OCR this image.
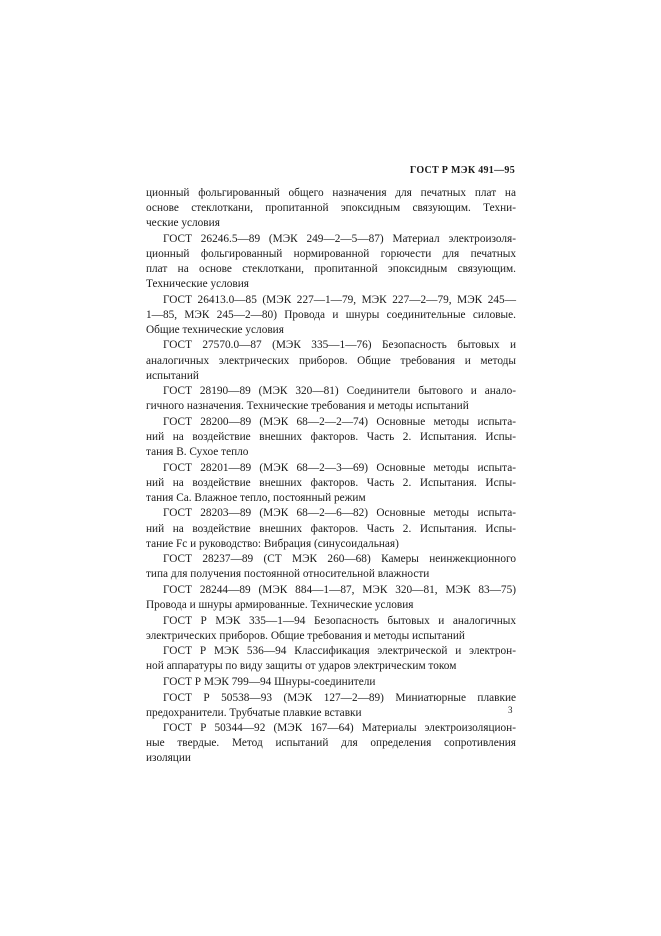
ГОСТ Р МЭК 491—95
ционный фольгированный общего назначения для печатных плат на
основе стеклоткани, пропитанной эпоксидным связующим. Техни-
ческие условия
ГОСТ 26246.5—89 (МЭК 249—2—5—87) Материал электроизоля-
ционный фольгированный нормированной горючести для печатных
плат на основе стеклоткани, пропитанной эпоксидным связующим.
Технические условия
ГОСТ 26413.0—85 (МЭК 227—1—79, МЭК 227—2—79, МЭК 245—
1—85, МЭК 245—2—80) Провода и шнуры соединительные силовые.
Общие технические условия
ГОСТ 27570.0—87 (МЭК 335—1—76) Безопасность бытовых и
аналогичных электрических приборов. Общие требования и методы
испытаний
ГОСТ 28190—89 (МЭК 320—81) Соединители бытового и анало-
гичного назначения. Технические требования и методы испытаний
ГОСТ 28200—89 (МЭК 68—2—2—74) Основные методы испыта-
ний на воздействие внешних факторов. Часть 2. Испытания. Испы-
тания В. Сухое тепло
ГОСТ 28201—89 (МЭК 68—2—3—69) Основные методы испыта-
ний на воздействие внешних факторов. Часть 2. Испытания. Испы-
тания Са. Влажное тепло, постоянный режим
ГОСТ 28203—89 (МЭК 68—2—6—82) Основные методы испыта-
ний на воздействие внешних факторов. Часть 2. Испытания. Испы-
тание Fc и руководство: Вибрация (синусоидальная)
ГОСТ 28237—89 (СТ МЭК 260—68) Камеры неинжекционного
типа для получения постоянной относительной влажности
ГОСТ 28244—89 (МЭК 884—1—87, МЭК 320—81, МЭК 83—75)
Провода и шнуры армированные. Технические условия
ГОСТ Р МЭК 335—1—94 Безопасность бытовых и аналогичных
электрических приборов. Общие требования и методы испытаний
ГОСТ Р МЭК 536—94 Классификация электрической и электрон-
ной аппаратуры по виду защиты от ударов электрическим током
ГОСТ Р МЭК 799—94 Шнуры-соединители
ГОСТ Р 50538—93 (МЭК 127—2—89) Миниатюрные плавкие
предохранители. Трубчатые плавкие вставки
ГОСТ Р 50344—92 (МЭК 167—64) Материалы электроизоляцион-
ные твердые. Метод испытаний для определения сопротивления
изоляции
3
